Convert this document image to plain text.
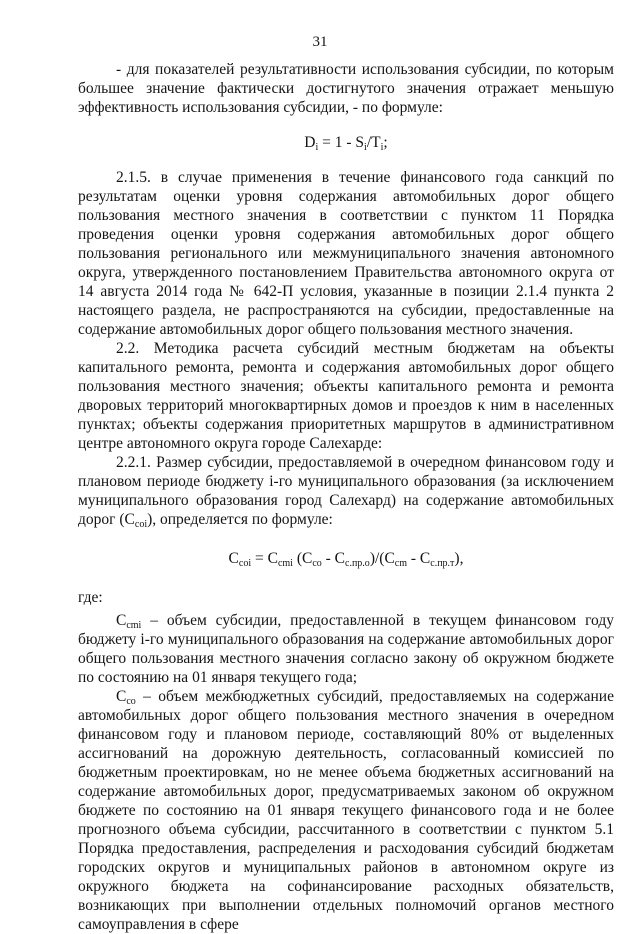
31

- для показателей результативности использования субсидии, по которым большее значение фактически достигнутого значения отражает меньшую эффективность использования субсидии, - по формуле:

$D_i = 1 - S_i/T_i$;

2.1.5. в случае применения в течение финансового года санкций по результатам оценки уровня содержания автомобильных дорог общего пользования местного значения в соответствии с пунктом 11 Порядка проведения оценки уровня содержания автомобильных дорог общего пользования регионального или межмуниципального значения автономного округа, утвержденного постановлением Правительства автономного округа от 14 августа 2014 года № 642-П условия, указанные в позиции 2.1.4 пункта 2 настоящего раздела, не распространяются на субсидии, предоставленные на содержание автомобильных дорог общего пользования местного значения.

2.2. Методика расчета субсидий местным бюджетам на объекты капитального ремонта, ремонта и содержания автомобильных дорог общего пользования местного значения; объекты капитального ремонта и ремонта дворовых территорий многоквартирных домов и проездов к ним в населенных пунктах; объекты содержания приоритетных маршрутов в административном центре автономного округа городе Салехарде:

2.2.1. Размер субсидии, предоставляемой в очередном финансовом году и плановом периоде бюджету i-го муниципального образования (за исключением муниципального образования город Салехард) на содержание автомобильных дорог $(С_{coi})$, определяется по формуле:

$C_{coi} = C_{cmi}$ $(C_{co} - C_{с.пр.о})/(C_{cm} - C_{с.пр.т})$,

где:

$С_{cmi}$ – объем субсидии, предоставленной в текущем финансовом году бюджету i-го муниципального образования на содержание автомобильных дорог общего пользования местного значения согласно закону об окружном бюджете по состоянию на 01 января текущего года;

$С_{co}$ – объем межбюджетных субсидий, предоставляемых на содержание автомобильных дорог общего пользования местного значения в очередном финансовом году и плановом периоде, составляющий 80% от выделенных ассигнований на дорожную деятельность, согласованный комиссией по бюджетным проектировкам, но не менее объема бюджетных ассигнований на содержание автомобильных дорог, предусматриваемых законом об окружном бюджете по состоянию на 01 января текущего финансового года и не более прогнозного объема субсидии, рассчитанного в соответствии с пунктом 5.1 Порядка предоставления, распределения и расходования субсидий бюджетам городских округов и муниципальных районов в автономном округе из окружного бюджета на софинансирование расходных обязательств, возникающих при выполнении отдельных полномочий органов местного самоуправления в сфере
